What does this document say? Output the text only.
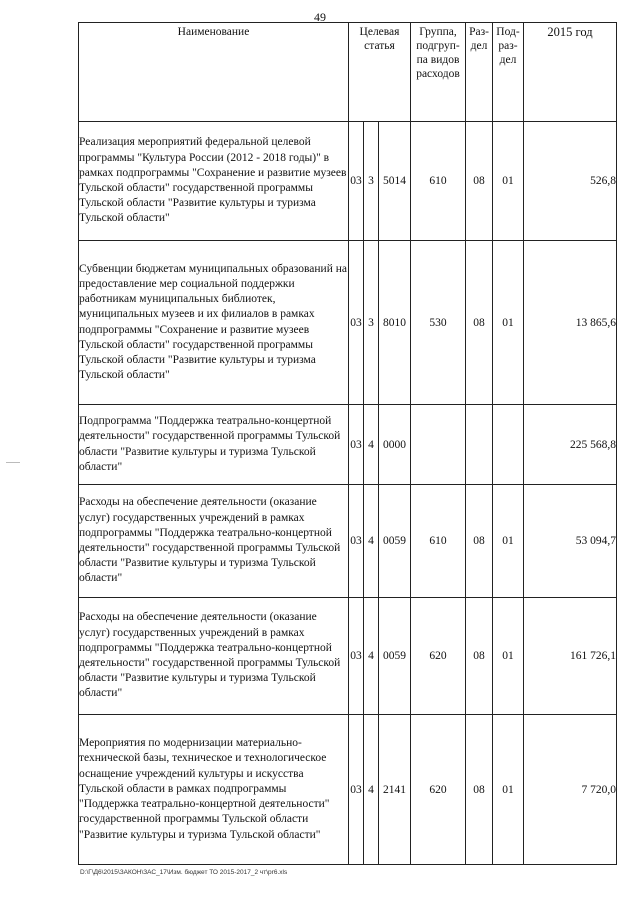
49
Наименование	Целевая статья			Группа, подгруп-па видов расходов	Раз-дел	Под-раз-дел	2015 год
Реализация мероприятий федеральной целевой программы "Культура России (2012 - 2018 годы)" в рамках подпрограммы "Сохранение и развитие музеев Тульской области" государственной программы Тульской области "Развитие культуры и туризма Тульской области"	03	3	5014	610	08	01	526,8
Субвенции бюджетам муниципальных образований на предоставление мер социальной поддержки работникам муниципальных библиотек, муниципальных музеев и их филиалов в рамках подпрограммы "Сохранение и развитие музеев Тульской области" государственной программы Тульской области "Развитие культуры и туризма Тульской области"	03	3	8010	530	08	01	13 865,6
Подпрограмма "Поддержка театрально-концертной деятельности" государственной программы Тульской области "Развитие культуры и туризма Тульской области"	03	4	0000				225 568,8
Расходы на обеспечение деятельности (оказание услуг) государственных учреждений в рамках подпрограммы "Поддержка театрально-концертной деятельности" государственной программы Тульской области "Развитие культуры и туризма Тульской области"	03	4	0059	610	08	01	53 094,7
Расходы на обеспечение деятельности (оказание услуг) государственных учреждений в рамках подпрограммы "Поддержка театрально-концертной деятельности" государственной программы Тульской области "Развитие культуры и туризма Тульской области"	03	4	0059	620	08	01	161 726,1
Мероприятия по модернизации материально-технической базы, техническое и технологическое оснащение учреждений культуры и искусства Тульской области в рамках подпрограммы "Поддержка театрально-концертной деятельности" государственной программы Тульской области "Развитие культуры и туризма Тульской области"	03	4	2141	620	08	01	7 720,0
D:\Г\Д6\2015\ЗАКОН\ЗАС_17\Изм. бюджет ТО 2015-2017_2 чт\pr6.xls
